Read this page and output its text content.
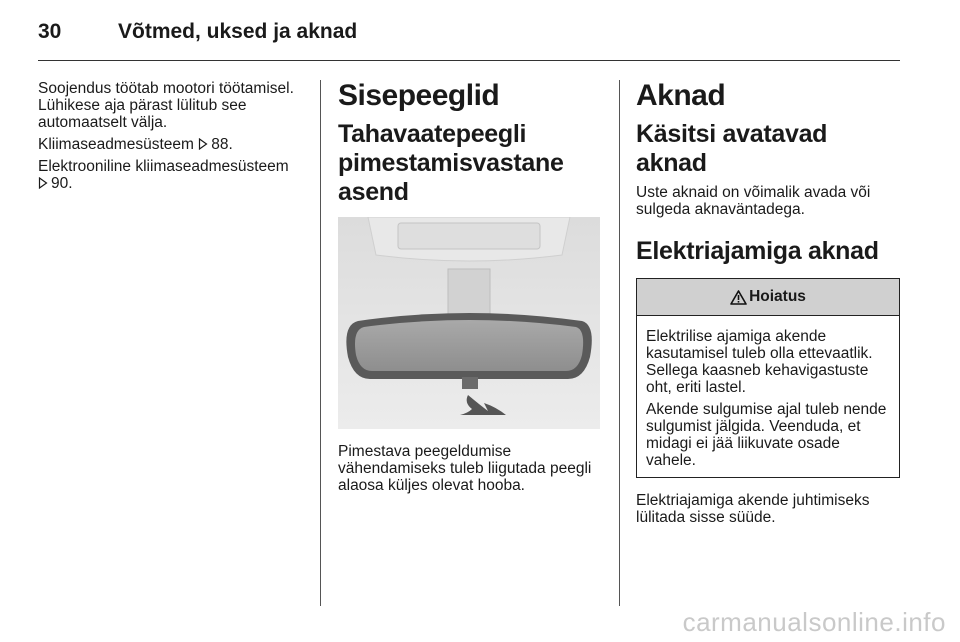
30	Võtmed, uksed ja aknad

Soojendus töötab mootori töötamisel. Lühikese aja pärast lülitub see automaatselt välja.

Kliimaseadmesüsteem 88.

Elektrooniline kliimaseadmesüsteem
90.

Sisepeeglid
Tahavaatepeegli
pimestamisvastane asend

Pimestava peegeldumise vähendamiseks tuleb liigutada peegli alaosa küljes olevat hooba.

Aknad
Käsitsi avatavad aknad

Uste aknaid on võimalik avada või sulgeda aknaväntadega.

Elektriajamiga aknad
Hoiatus

Elektrilise ajamiga akende kasutamisel tuleb olla ettevaatlik. Sellega kaasneb kehavigastuste oht, eriti lastel.

Akende sulgumise ajal tuleb nende sulgumist jälgida. Veenduda, et midagi ei jää liikuvate osade vahele.

Elektriajamiga akende juhtimiseks lülitada sisse süüde.

carmanualsonline.info
